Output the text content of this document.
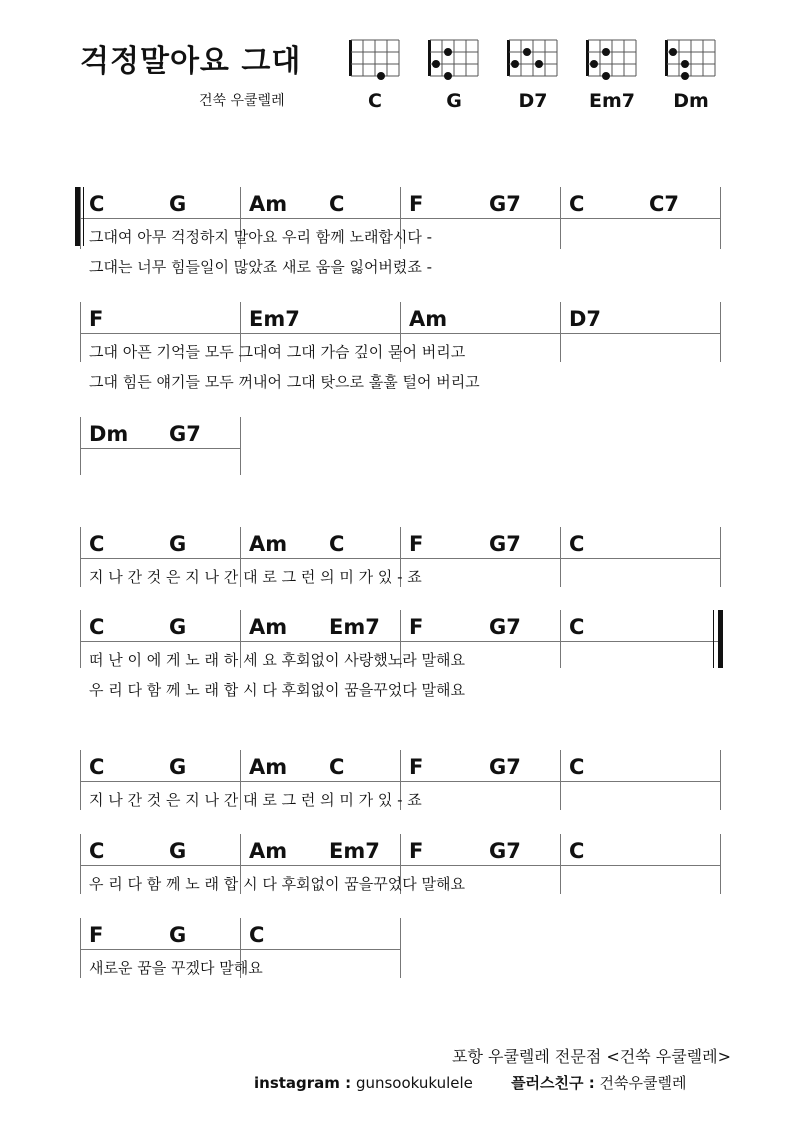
걱정말아요 그대
건쑥 우쿨렐레	C	G	D7	Em7	Dm
C	G	Am C	F	G7 C	C7
그대여 아무 걱정하지 말아요 우리 함께 노래합시다 -
그대는 너무 힘들일이 많았죠 새로 움을 잃어버렸죠 -
F	Em7	Am	D7
그대 아픈 기억들 모두 그대여 그대 가슴 깊이 묻어 버리고
그대 힘든 얘기들 모두 꺼내어 그대 탓으로 훌훌 털어 버리고
Dm G7
C	G	Am C	F	G7 C
지 나 간 것 은 지 나 간 대 로 그 런 의 미 가 있 - 죠
C	G	Am Em7 F	G7 C
떠 난 이 에 게 노 래 하 세 요 후회없이 사랑했노라 말해요
우 리 다 함 께 노 래 합 시 다 후회없이 꿈을꾸었다 말해요
C	G	Am C	F	G7 C
지 나 간 것 은 지 나 간 대 로 그 런 의 미 가 있 - 죠
C	G	Am Em7 F	G7 C
우 리 다 함 께 노 래 합 시 다 후회없이 꿈을꾸었다 말해요
F	G	C
새로운 꿈을 꾸겠다 말해요
포항 우쿨렐레 전문점 <건쑥 우쿨렐레>
instagram : gunsookukulele	플러스친구 : 건쑥우쿨렐레
